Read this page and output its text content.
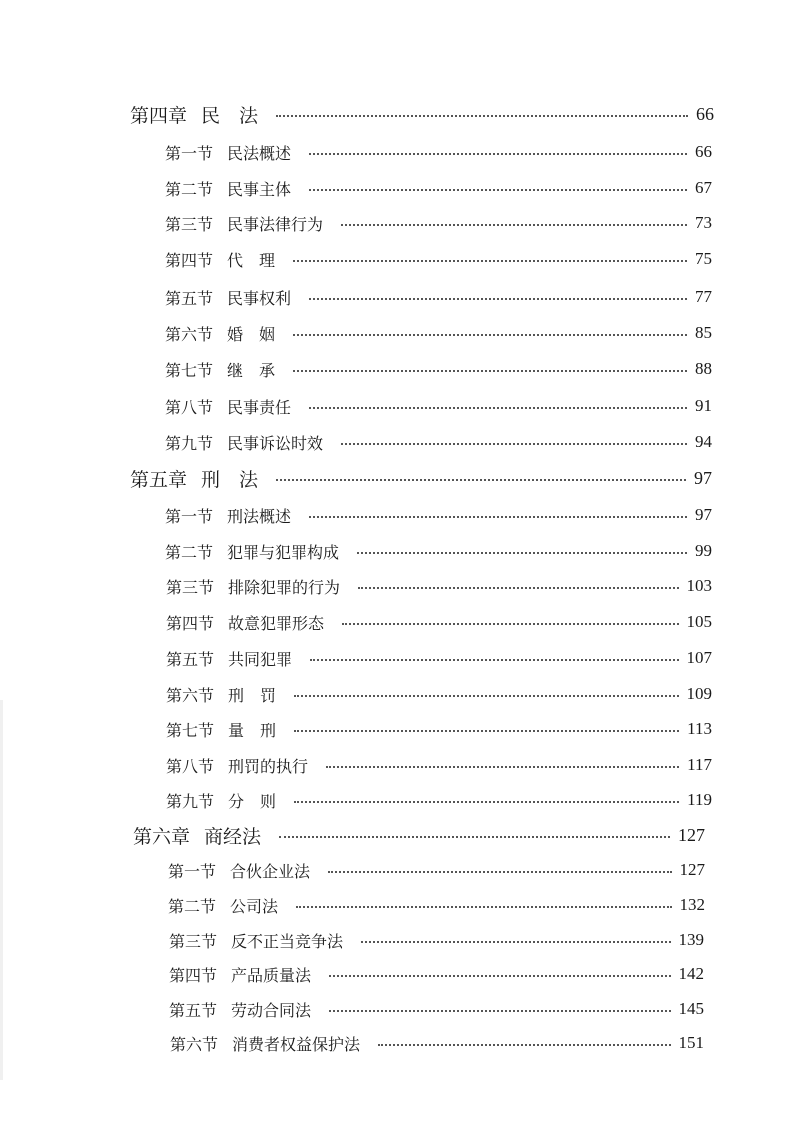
第四章 民　法	66
第一节 民法概述	66
第二节 民事主体	67
第三节 民事法律行为	73
第四节 代　理	75
第五节 民事权利	77
第六节 婚　姻	85
第七节 继　承	88
第八节 民事责任	91
第九节 民事诉讼时效	94
第五章 刑　法	97
第一节 刑法概述	97
第二节 犯罪与犯罪构成	99
第三节 排除犯罪的行为	103
第四节 故意犯罪形态	105
第五节 共同犯罪	107
第六节 刑　罚	109
第七节 量　刑	113
第八节 刑罚的执行	117
第九节 分　则	119
第六章 商经法	127
第一节 合伙企业法	127
第二节 公司法	132
第三节 反不正当竞争法	139
第四节 产品质量法	142
第五节 劳动合同法	145
第六节 消费者权益保护法	151
